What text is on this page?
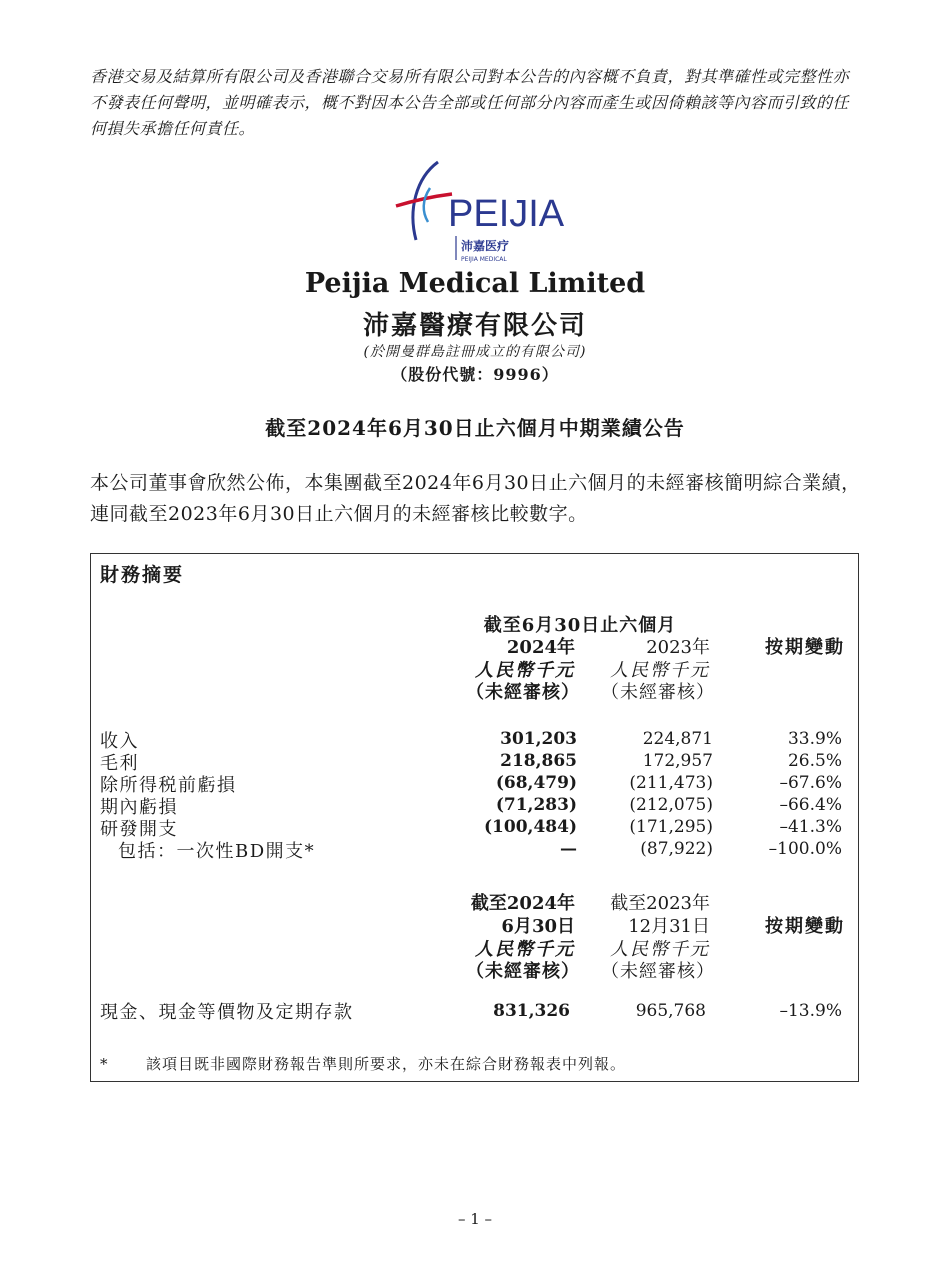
香港交易及結算所有限公司及香港聯合交易所有限公司對本公告的內容概不負責，對其準確性或完整性亦不發表任何聲明，並明確表示，概不對因本公告全部或任何部分內容而產生或因倚賴該等內容而引致的任何損失承擔任何責任。
PEIJIA
沛嘉医疗
PEIJIA MEDICAL
Peijia Medical Limited
沛嘉醫療有限公司
(於開曼群島註冊成立的有限公司)
（股份代號：9996）
截至2024年6月30日止六個月中期業績公告
本公司董事會欣然公佈，本集團截至2024年6月30日止六個月的未經審核簡明綜合業績，連同截至2023年6月30日止六個月的未經審核比較數字。
財務摘要
截至6月30日止六個月
2024年	2023年	按期變動
人民幣千元	人民幣千元
（未經審核）	（未經審核）
收入	301,203	224,871	33.9%
毛利	218,865	172,957	26.5%
除所得税前虧損	(68,479)	(211,473)	–67.6%
期內虧損	(71,283)	(212,075)	–66.4%
研發開支	(100,484)	(171,295)	–41.3%
包括：一次性BD開支*	—	(87,922)	–100.0%
截至2024年	截至2023年
6月30日	12月31日	按期變動
人民幣千元	人民幣千元
（未經審核）	（未經審核）
現金、現金等價物及定期存款	831,326	965,768	–13.9%
*	該項目既非國際財務報告準則所要求，亦未在綜合財務報表中列報。
– 1 –
